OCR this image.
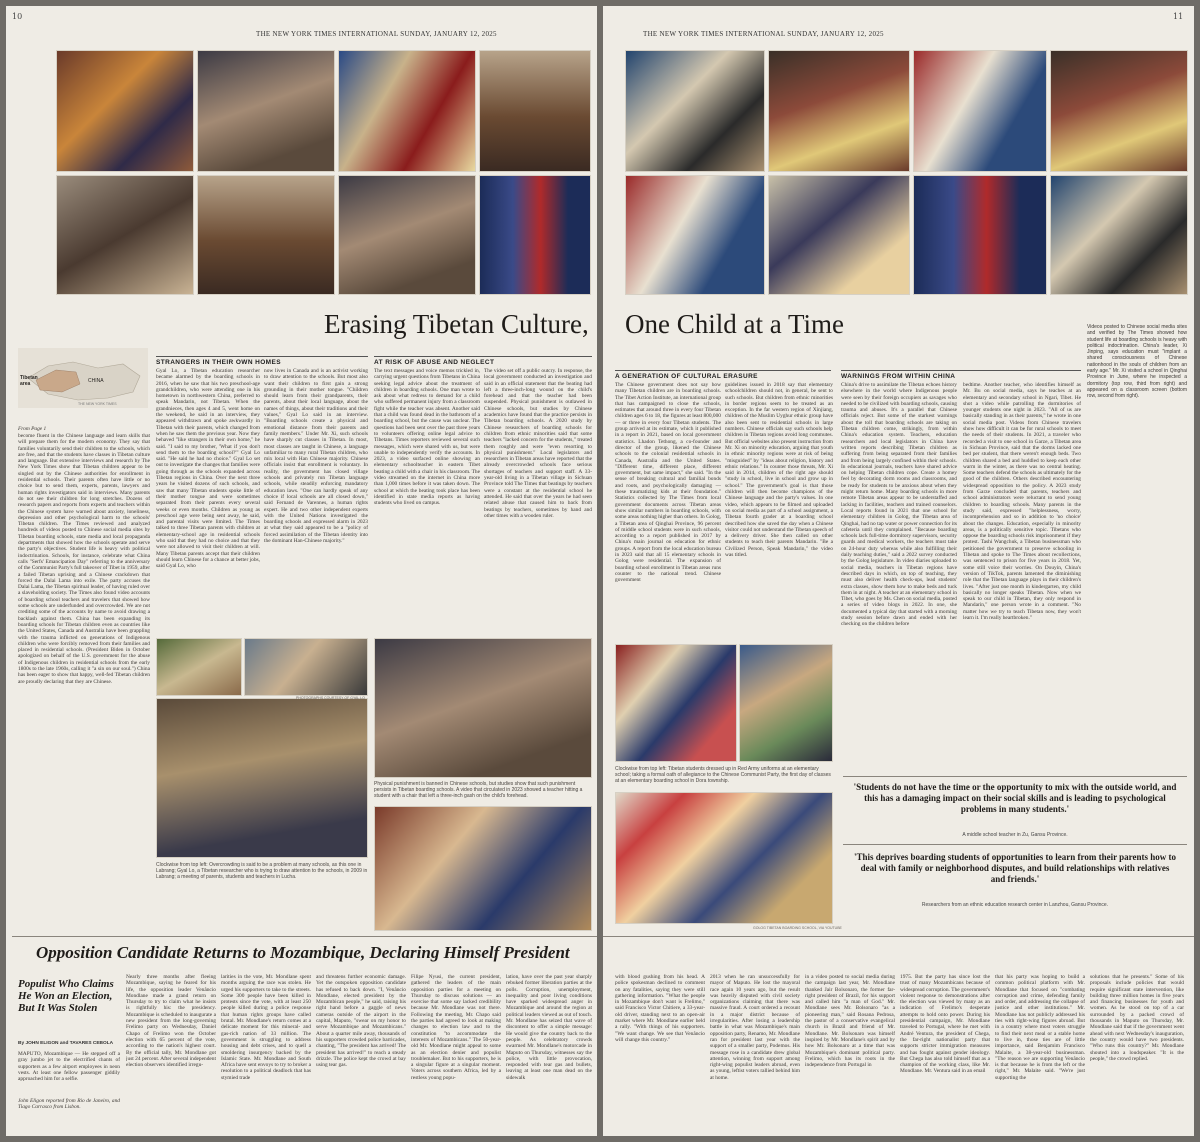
10
THE NEW YORK TIMES INTERNATIONAL SUNDAY, JANUARY 12, 2025
Erasing Tibetan Culture,
Tibetan area	CHINA
THE NEW YORK TIMES
STRANGERS IN THEIR OWN HOMES	AT RISK OF ABUSE AND NEGLECT
From Page 1
become fluent in the Chinese language and learn skills that will prepare them for the modern economy. They say that families voluntarily send their children to the schools, which are free, and that the students have classes in Tibetan culture and language. But extensive interviews and research by The New York Times show that Tibetan children appear to be singled out by the Chinese authorities for enrollment in residential schools. Their parents often have little or no choice but to send them, experts, parents, lawyers and human rights investigators said in interviews. Many parents do not see their children for long stretches. Dozens of research papers and reports from experts and teachers within the Chinese system have warned about anxiety, loneliness, depression and other psychological harm to the schools' Tibetan children. The Times reviewed and analyzed hundreds of videos posted to Chinese social media sites by Tibetan boarding schools, state media and local propaganda departments that showed how the schools operate and serve the party's objectives. Student life is heavy with political indoctrination. Schools, for instance, celebrate what China calls "Serfs' Emancipation Day" referring to the anniversary of the Communist Party's full takeover of Tibet in 1959, after a failed Tibetan uprising and a Chinese crackdown that forced the Dalai Lama into exile. The party accuses the Dalai Lama, the Tibetan spiritual leader, of having ruled over a slaveholding society. The Times also found video accounts of boarding school teachers and travelers that showed how some schools are underfunded and overcrowded. We are not crediting some of the accounts by name to avoid drawing a backlash against them. China has been expanding its boarding schools for Tibetan children even as countries like the United States, Canada and Australia have been grappling with the trauma inflicted on generations of Indigenous children who were forcibly removed from their families and placed in residential schools. (President Biden in October apologized on behalf of the U.S. government for the abuse of Indigenous children in residential schools from the early 1800s to the late 1960s, calling it "a sin on our soul.") China has been eager to show that happy, well-fed Tibetan children are proudly declaring that they are Chinese.
Gyal Lo, a Tibetan education researcher became alarmed by the boarding schools in 2016, when he saw that his two preschool-age grandchildren, who were attending one in his hometown in northwestern China, preferred to speak Mandarin, not Tibetan. When the grandnieces, then ages 4 and 5, went home on the weekend, he said in an interview, they appeared withdrawn and spoke awkwardly in Tibetan with their parents, which changed from when he saw them the previous year. Now they behaved "like strangers in their own home," he said. "I said to my brother, 'What if you don't send them to the boarding school?'" Gyal Lo said. "He said he had no choice." Gyal Lo set out to investigate the changes that families were going through as the schools expanded across Tibetan regions in China. Over the next three years he visited dozens of such schools, and saw that many Tibetan students spoke little of their mother tongue and were sometimes separated from their parents every several weeks or even months. Children as young as preschool age were being sent away, he said, and parental visits were limited. The Times talked to three Tibetan parents with children at elementary-school age in residential schools who said that they had no choice and that they were not allowed to visit their children at will. Many Tibetan parents accept that their children should learn Chinese for a chance at better jobs, said Gyal Lo, who
now lives in Canada and is an activist working to draw attention to the schools. But most also want their children to first gain a strong grounding in their mother tongue. "Children should learn from their grandparents, their parents, about their local language, about the names of things, about their traditions and their values," Gyal Lo said in an interview. "Boarding schools create a physical and emotional distance from their parents and family members." Under Mr. Xi, such schools have sharply cut classes in Tibetan. In most, most classes are taught in Chinese, a language unfamiliar to many rural Tibetan children, who mix local with Han Chinese majority. Chinese officials insist that enrollment is voluntary. In reality, the government has closed village schools and privately run Tibetan language schools, while steadily enforcing mandatory education laws. "One can hardly speak of any choice if local schools are all closed down," said Fernand de Varennes, a human rights expert. He and two other independent experts with the United Nations investigated the boarding schools and expressed alarm in 2023 at what they said appeared to be a "policy of forced assimilation of the Tibetan identity into the dominant Han-Chinese majority."
The text messages and voice memos trickled in, carrying urgent questions from Tibetans in China seeking legal advice about the treatment of children in boarding schools. One man wrote to ask about what redress to demand for a child who suffered permanent injury from a classroom fight while the teacher was absent. Another said that a child was found dead in the bathroom of a boarding school, but the cause was unclear. The questions had been sent over the past three years to volunteers offering online legal advice to Tibetans. Times reporters reviewed several such messages, which were shared with us, but were unable to independently verify the accounts. In 2023, a video surfaced online showing an elementary schoolteacher in eastern Tibet beating a child with a chair in his classroom. The video streamed on the internet in China more than 1,000 times before it was taken down. The school at which the beating took place has been identified in state media reports as having students who lived on campus.
The video set off a public outcry. In response, the local government conducted an investigation and said in an official statement that the beating had left a three-inch-long wound on the child's forehead and that the teacher had been suspended. Physical punishment is outlawed in Chinese schools, but studies by Chinese academics have found that the practice persists in Tibetan boarding schools. A 2020 study by Chinese researchers of boarding schools for children from ethnic minorities said that some teachers "lacked concern for the students," treated them roughly and were "even resorting to physical punishment." Local legislators and researchers in Tibetan areas have reported that the already overcrowded schools face serious shortages of teachers and support staff. A 33-year-old living in a Tibetan village in Sichuan Province told The Times that beatings by teachers were a constant at the residential school he attended. He said that over the years he had seen related abuse that caused him to back from beatings by teachers, sometimes by hand and other times with a wooden ruler.
PHOTOGRAPHS COURTESY OF GYAL LO
Clockwise from top left: Overcrowding is said to be a problem at many schools, as this one in Labrang; Gyal Lo, a Tibetan researcher who is trying to draw attention to the schools, in 2009 in Labrang; a meeting of parents, students and teachers in Lucha.
Physical punishment is banned in Chinese schools, but studies show that such punishment persists in Tibetan boarding schools. A video that circulated in 2023 showed a teacher hitting a student with a chair that left a three-inch gash on the child's forehead.
Opposition Candidate Returns to Mozambique, Declaring Himself President
Populist Who Claims He Won an Election, But It Was Stolen
By JOHN ELIGON and TAVARES CEBOLA
MAPUTO, Mozambique — He stepped off a gray jumbo jet to the electrified chants of supporters as a few airport employees in neon vests. At least one fellow passenger giddily approached him for a selfie.
John Eligon reported from Rio de Janeiro, and Tiago Carrasco from Lisbon.
Nearly three months after fleeing Mozambique, saying he feared for his life, the opposition leader Venâncio Mondlane made a grand return on Thursday to try to claim what he insists is rightfully his: the presidency. Mozambique is scheduled to inaugurate a new president from the long-governing Frelimo party on Wednesday, Daniel Chapo of Frelimo won the October election with 65 percent of the vote, according to the nation's highest court. By the official tally, Mr. Mondlane got just 24 percent. After several independent election observers identified irregu-
larities in the vote, Mr. Mondlane spent months arguing the race was stolen. He urged his supporters to take to the streets. Some 300 people have been killed in protests since the vote, with at least 250 people killed during a police response that human rights groups have called brutal. Mr. Mondlane's return comes at a delicate moment for this mineral- and gas-rich nation of 33 million. The government is struggling to address housing and debt crises, and to quell a smoldering insurgency backed by the Islamic State. Mr. Mondlane and South Africa have sent envoys to try to broker a resolution to a political deadlock that has stymied trade
and threatens further economic damage. Yet the outspoken opposition candidate has refused to back down. "I, Venâncio Mondlane, elected president by the Mozambican people," he said, raising his right hand before a gaggle of news cameras outside of the airport in the capital, Maputo, "swear on my honor to serve Mozambique and Mozambicans." About a quarter mile away, thousands of his supporters crowded police barricades, chanting, "The president has arrived! The president has arrived!" to reach a steady drizzle. The police kept the crowd at bay using tear gas.
Filipe Nyusi, the current president, gathered the leaders of the main opposition parties for a meeting on Thursday to discuss solutions — an exercise that some say lacked credibility because Mr. Mondlane was not there. Following the meeting, Mr. Chapo said the parties had agreed to look at making changes to election law and to the constitution "to accommodate the interests of Mozambicans." The 50-year-old Mr. Mondlane might appeal to some as an election denier and populist troublemaker. But to his supporters, he is a singular figure at a singular moment. Voters across southern Africa, led by a restless young popu-
lation, have over the past year sharply rebuked former liberation parties at the polls. Corruption, unemployment, inequality and poor living conditions have sparked widespread anger in Mozambique and around the region at political leaders viewed as out of touch. Mr. Mondlane has seized that wave of discontent to offer a simple message: He would give the country back to the people. As celebratory crowds swarmed Mr. Mondlane's motorcade in Maputo on Thursday, witnesses say the police, with little provocation, responded with tear gas and bullets, leaving at least one man dead on the sidewalk
THE NEW YORK TIMES INTERNATIONAL SUNDAY, JANUARY 12, 2025
11
One Child at a Time
A GENERATION OF CULTURAL ERASURE	WARNINGS FROM WITHIN CHINA
The Chinese government does not say how many Tibetan children are in boarding schools. The Tibet Action Institute, an international group that has campaigned to close the schools, estimates that around three in every four Tibetan children ages 6 to 18, the figures at least 800,000 — or three in every four Tibetan students. The group arrived at its estimate, which it published in a report in 2021, based on local government statistics. Lhadon Tethong, a co-founder and director of the group, likened the Chinese schools to the colonial residential schools in Canada, Australia and the United States. "Different time, different place, different government, but same impact," she said. "In the sense of breaking cultural and familial bonds and roots, and psychologically damaging — these traumatizing kids at their foundation." Statistics collected by The Times from local government documents across Tibetan areas show similar numbers in boarding schools, with some areas nothing higher than others. In Golog, a Tibetan area of Qinghai Province, 96 percent of middle school students were in such schools, according to a report published in 2017 by China's main journal on education for ethnic groups. A report from the local education bureau in 2023 said that all 15 elementary schools in Golog were residential. The expansion of boarding school enrollment in Tibetan areas runs counter to the national trend. Chinese government
guidelines issued in 2018 say that elementary schoolchildren should not, in general, be sent to such schools. But children from ethnic minorities in border regions seem to be treated as an exception. In the far western region of Xinjiang, children of the Muslim Uyghur ethnic group have also been sent to residential schools in large numbers. Chinese officials say such schools help children in Tibetan regions avoid long commutes. But official websites also present instruction from Mr. Xi on minority education, arguing that youth in ethnic minority regions were at risk of being "misguided" by "ideas about religion, history and ethnic relations." In counter those threats, Mr. Xi said in 2014, children of the right age should "study in school, live in school and grow up in school." The government's goal is that those children will then become champions of the Chinese language and the party's values. In one video, which appears to be filmed and uploaded on social media as part of a school assignment, a Tibetan fourth grader at a boarding school described how she saved the day when a Chinese visitor could not understand the Tibetan speech of a delivery driver. She then called on other students to teach their parents Mandarin. "Be a Civilized Person, Speak Mandarin," the video was titled.
China's drive to assimilate the Tibetan echoes history elsewhere in the world where Indigenous people were seen by their foreign occupiers as savages who needed to be civilized with boarding schools, causing trauma and abuses. It's a parallel that Chinese officials reject. But some of the starkest warnings about the toll that boarding schools are taking on Tibetan children come, strikingly, from within China's education system. Teachers, education researchers and local legislators in China have written reports describing Tibetan children as suffering from being separated from their families and from being largely confined within their schools. In educational journals, teachers have shared advice on helping Tibetan children cope. Create a homey feel by decorating dorm rooms and classrooms, and be ready for students to be anxious about when they might return home. Many boarding schools in more remote Tibetan areas appear to be understaffed and lacking in facilities, teachers and trained counselors. Local reports found in 2021 that one school for elementary children in Golog, the Tibetan area of Qinghai, had no tap water or power connection for its cafeteria until they complained. "Because boarding schools lack full-time dormitory supervisors, security guards and medical workers, the teachers must take on 24-hour duty whereas while also fulfilling their daily teaching duties," said a 2022 survey conducted by the Golog legislature. In video diaries uploaded to social media, teachers in Tibetan regions have described days in which, on top of teaching, they must also deliver health check-ups, lead students' extra classes, show them how to make beds and tuck them in at night. A teacher at an elementary school in Tibet, who goes by Ms. Chen on social media, posted a series of video blogs in 2022. In one, she documented a typical day that started with a morning study session before dawn and ended with her checking on the children before
bedtime. Another teacher, who identifies himself as Mr. Bu on social media, says he teaches at an elementary and secondary school in Ngari, Tibet. He shot a video while patrolling the dormitories of younger students one night in 2023. "All of us are basically standing in as their parents," he wrote in one social media post. Videos from Chinese travelers show how difficult it can be for rural schools to meet the needs of their students. In 2021, a traveler who recorded a visit to one school in Garze, a Tibetan area in Sichuan Province, said that the dorms lacked one bed per student, that there weren't enough beds. Two children shared a bed and huddled to keep each other warm in the winter, as there was no central heating. Some teachers defend the schools as ultimately for the good of the children. Others described encountering widespread opposition to the policy. A 2023 study from Garze concluded that parents, teachers and school administrators were reluctant to send young children to boarding schools. Many parents in the study said, expressed "helplessness, worry, incomprehension and so in addition to 'no choice' about the changes. Education, especially in minority areas, is a politically sensitive topic. Tibetans who oppose the boarding schools risk imprisonment if they protest. Tashi Wangchuk, a Tibetan businessman who petitioned the government to preserve schooling in Tibetan and spoke to The Times about recollections, was sentenced to prison for five years in 2018. Yet, some still voice their worries. On Douyin, China's version of TikTok, parents lamented the diminishing role that the Tibetan language plays in their children's lives. "After just one month in kindergarten, my child basically no longer speaks Tibetan. Now when we speak to our child in Tibetan, they only respond in Mandarin," one person wrote in a comment. "No matter how we try to teach Tibetan now, they won't learn it. I'm really heartbroken."
Videos posted to Chinese social media sites and verified by The Times showed how student life at boarding schools is heavy with political indoctrination. China's leader, Xi Jinping, says education must "implant a shared consciousness of Chinese nationhood in the souls of children from an early age." Mr. Xi visited a school in Qinghai Province in June, where he inspected a dormitory (top row, third from right) and appeared on a classroom screen (bottom row, second from right).
Clockwise from top left: Tibetan students dressed up in Red Army uniforms at an elementary school; taking a formal oath of allegiance to the Chinese Communist Party, the first day of classes at an elementary boarding school in Dora township.
GOLOG TIBETAN BOARDING SCHOOL, VIA YOUTUBE
'Students do not have the time or the opportunity to mix with the outside world, and this has a damaging impact on their social skills and is leading to psychological problems in many students.'
A middle school teacher in Zu, Gansu Province.
'This deprives boarding students of opportunities to learn from their parents how to deal with family or neighborhood disputes, and build relationships with relatives and friends.'
Researchers from an ethnic education research center in Lanzhou, Gansu Province.
with blood gushing from his head. A police spokesman declined to comment on any fatalities, saying they were still gathering information. "What the people in Mozambique don't want is Frelimo," said Francisco Victor Chitiere, a 33-year-old driver, standing next to an open-air market where Mr. Mondlane earlier held a rally. "With things of his supporters. "We want change. We see that Venâncio will change this country."
2013 when he ran unsuccessfully for mayor of Maputo. He lost the mayoral race again 10 years ago, but the result was heavily disputed with civil society organizations claiming that there was massive fraud. A court ordered a recount in a major district because of irregularities. After losing a leadership battle in what was Mozambique's main opposition party, Renamo, Mr. Mondlane ran for president last year with the support of a smaller party, Podemos. His message rose in a candidate drew global attention, winning from support among right-wing populist leaders abroad, even as young, leftist voters rallied behind him at home.
in a video posted to social media during the campaign last year, Mr. Mondlane thanked Jair Bolsonaro, the former far-right president of Brazil, for his support and called him "a man of God." Mr. Mondlane sees Mr. Bolsonaro "as a pioneering man," said Rosana Pedrosa, the pastor of a conservative evangelical church in Brazil and friend of Mr. Mondlane. Mr. Bolsonaro was himself inspired by Mr. Mondlane's spirit and by how Mr. Bolsonaro at a time that was Mozambique's dominant political party. Frelimo, which has its roots in the independence from Portugal in
1975. But the party has since lost the trust of many Mozambicans because of widespread corruption. The government's violent response to demonstrations after the election was viewed by many as an indication of Frelimo's desperate attempts to hold onto power. During his presidential campaign, Mr. Mondlane traveled to Portugal, where he met with André Ventura, the president of Chega, the far-right nationalist party that supports stricter immigration measures and has fought against gender ideology. But Chega has also told himself that as a champion of the working class, like Mr. Mondlane. Mr. Ventura said in an email
that his party was hoping to build a common political platform with Mr. Mondlane that focused on "combating corruption and crime, defending family and order, and addressing the collapse of justice and other institutions." Mr. Mondlane has not publicly addressed his ties with right-wing figures abroad. But in a country where most voters struggle to find their next meal or a stable home to live in, those ties are of little importance, said Benjamim Francisco Malaite, a 38-year-old businessman. "The reason we are supporting Venâncio is that because he is from the left or the right," Mr. Malaite said. "We're just supporting the
solutions that he presents." Some of his proposals include policies that would require significant state intervention, like building three million homes in five years and financing businesses for youth and women. As he stood on top of a car surrounded by a packed crowd of thousands in Maputo on Thursday, Mr. Mondlane said that if the government went ahead with next Wednesday's inauguration, the country would have two presidents. "Who runs this country?" Mr. Mondlane shouted into a loudspeaker. "It is the people," the crowd replied.
